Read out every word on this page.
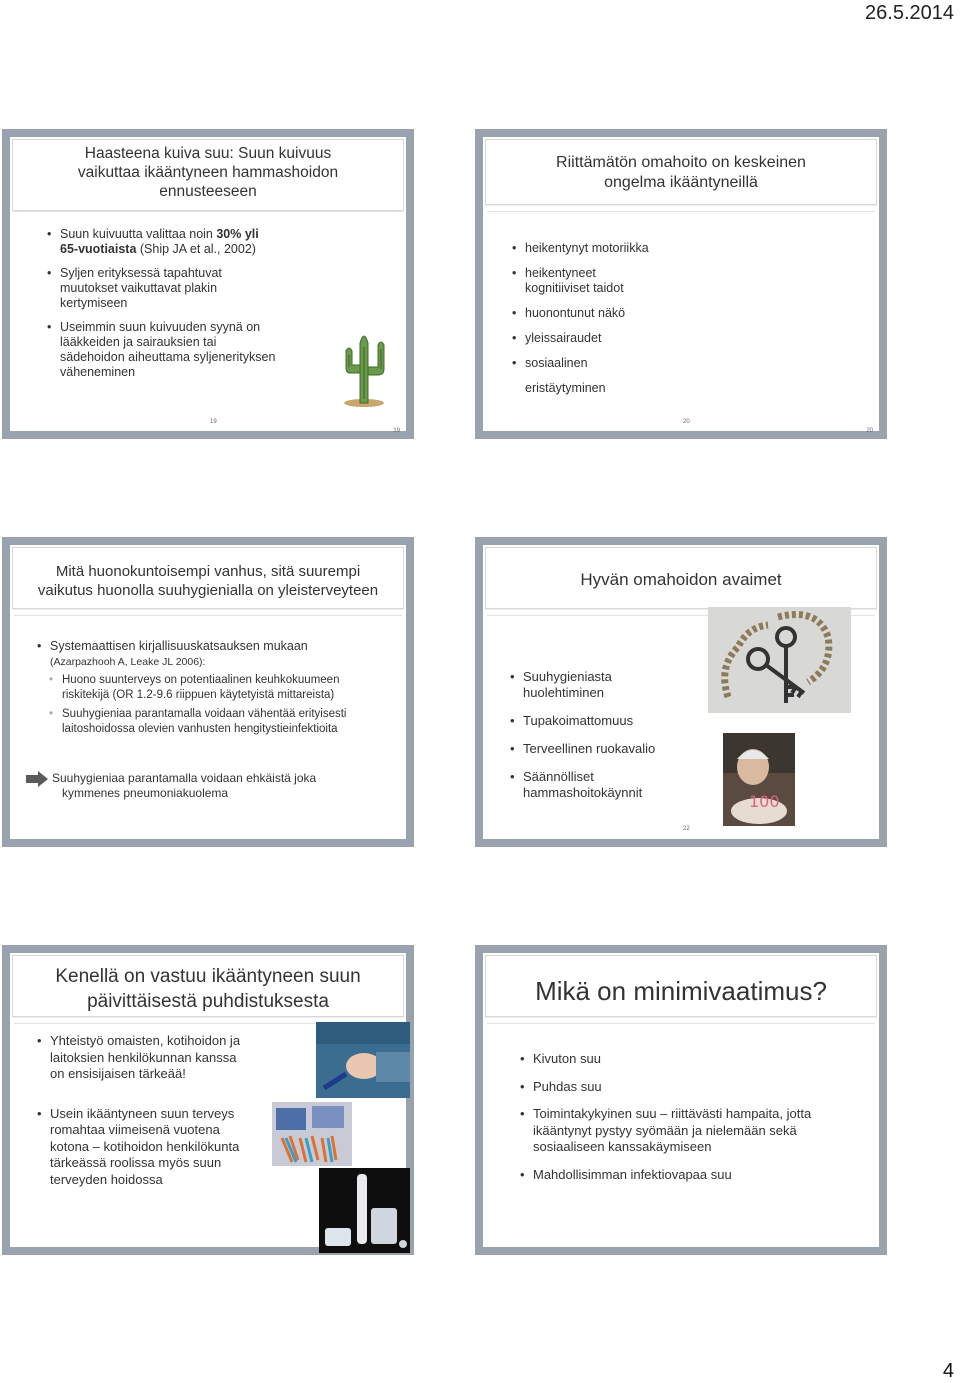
26.5.2014
Haasteena kuiva suu: Suun kuivuus
vaikuttaa ikääntyneen hammashoidon
ennusteeseen
• Suun kuivuutta valittaa noin 30% yli
65-vuotiaista (Ship JA et al., 2002)
• Syljen erityksessä tapahtuvat
muutokset vaikuttavat plakin
kertymiseen
• Useimmin suun kuivuuden syynä on
lääkkeiden ja sairauksien tai
sädehoidon aiheuttama syljenerityksen
väheneminen
19
19
Riittämätön omahoito on keskeinen
ongelma ikääntyneillä
• heikentynyt motoriikka
• heikentyneet
kognitiiviset taidot
• huonontunut näkö
• yleissairaudet
• sosiaalinen
eristäytyminen
20
20
Mitä huonokuntoisempi vanhus, sitä suurempi
vaikutus huonolla suuhygienialla on yleisterveyteen
• Systemaattisen kirjallisuuskatsauksen mukaan
(Azarpazhooh A, Leake JL 2006):
• Huono suunterveys on potentiaalinen keuhkokuumeen
riskitekijä (OR 1.2-9.6 riippuen käytetyistä mittareista)
• Suuhygieniaa parantamalla voidaan vähentää erityisesti
laitoshoidossa olevien vanhusten hengitystieinfektioita
Suuhygieniaa parantamalla voidaan ehkäistä joka
kymmenes pneumoniakuolema
Hyvän omahoidon avaimet
100
• Suuhygieniasta
huolehtiminen
• Tupakoimattomuus
• Terveellinen ruokavalio
• Säännölliset
hammashoitokäynnit
22
Kenellä on vastuu ikääntyneen suun
päivittäisestä puhdistuksesta
• Yhteistyö omaisten, kotihoidon ja
laitoksien henkilökunnan kanssa
on ensisijaisen tärkeää!
• Usein ikääntyneen suun terveys
romahtaa viimeisenä vuotena
kotona – kotihoidon henkilökunta
tärkeässä roolissa myös suun
terveyden hoidossa
Mikä on minimivaatimus?
• Kivuton suu
• Puhdas suu
• Toimintakykyinen suu – riittävästi hampaita, jotta
ikääntynyt pystyy syömään ja nielemään sekä
sosiaaliseen kanssakäymiseen
• Mahdollisimman infektiovapaa suu
4
